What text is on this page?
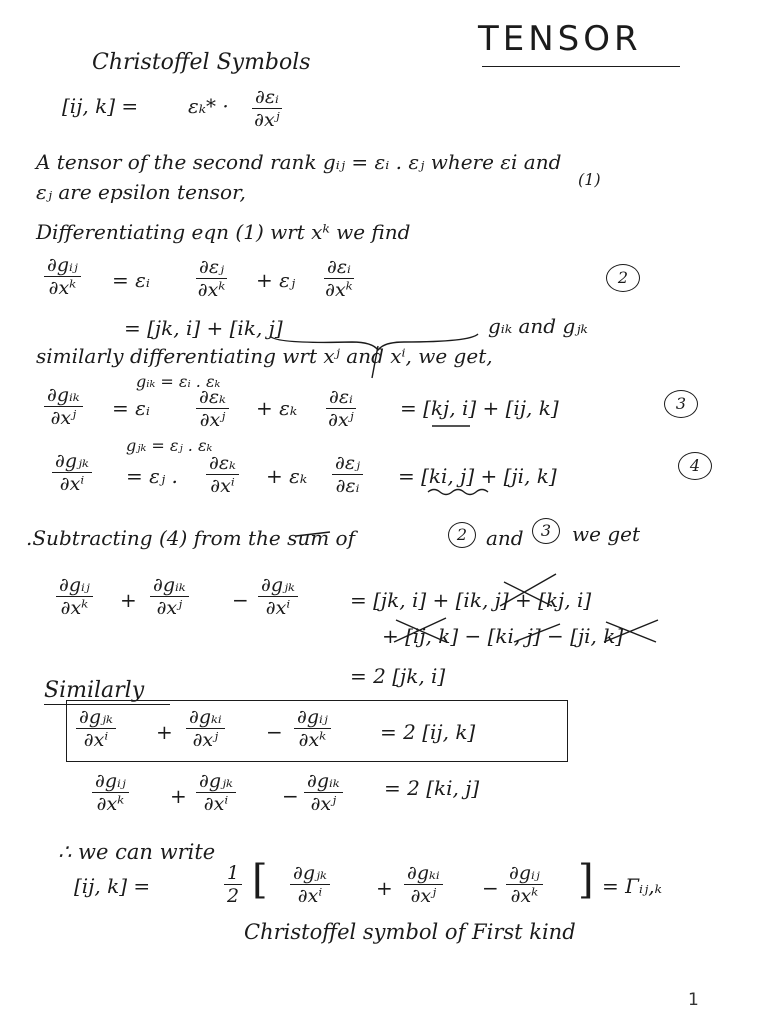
TENSOR
Christoffel Symbols
[ij, $k] = \varepsilon_k* \cdot \frac{\text{∂εᵢ}}{\text{∂xʲ}}$
A tensor of the second rank gᵢⱼ = εᵢ . εⱼ where εi and
(1)
εⱼ are epsilon tensor,
Differentiating eqn (1) wrt xᵏ we find
∂gᵢⱼ
∂xᵏ = εᵢ $\frac{\text{∂εⱼ}}{\text{∂xᵏ}}$ + εⱼ $\frac{\text{∂εᵢ}}{\text{∂xᵏ}}$	2
= [jk, i] + [ik, j]	gᵢₖ and gⱼₖ
similarly differentiating wrt xʲ and xⁱ, we get,
gᵢₖ = εᵢ . εₖ
∂gᵢₖ
∂xʲ	= εᵢ $\frac{\text{∂εₖ}}{\text{∂xʲ}} + \varepsilon_k \frac{\text{∂εᵢ}}{\text{∂xʲ}} = [kj$, i] + [ij, k]	3
gⱼₖ = εⱼ . εₖ
∂gⱼₖ
∂xⁱ	= εⱼ . $\frac{\text{∂εₖ}}{\text{∂xⁱ}} + \varepsilon_k \frac{\text{∂εⱼ}}{\text{∂εᵢ}} = [ki$, j] + [ji, k]	4
.Subtracting (4) from the sum of	2 and	3	we get
∂gᵢⱼ
∂xᵏ +
∂gᵢₖ
∂xʲ	−
∂gⱼₖ
∂xⁱ	= [jk, i] + [ik, j] + [kj, i]
+ [ij, k] − [ki, j] − [ji, k]
= 2 [jk, i]
Similarly
∂gⱼₖ
∂xⁱ	+
∂gₖᵢ
∂xʲ	−
∂gᵢⱼ
∂xᵏ	= 2 [ij, k]
∂gᵢⱼ
∂xᵏ +
∂gⱼₖ
∂xⁱ	−
∂gᵢₖ
∂xʲ
= 2 [ki, j]
∴ we can write
[ij, k] =	$\frac{1}{2}$ [ ∂gⱼₖ
∂xⁱ	+
∂gₖᵢ
∂xʲ	−
∂gᵢⱼ
∂xᵏ ] = Γᵢⱼ,ₖ
Christoffel symbol of First kind
1
